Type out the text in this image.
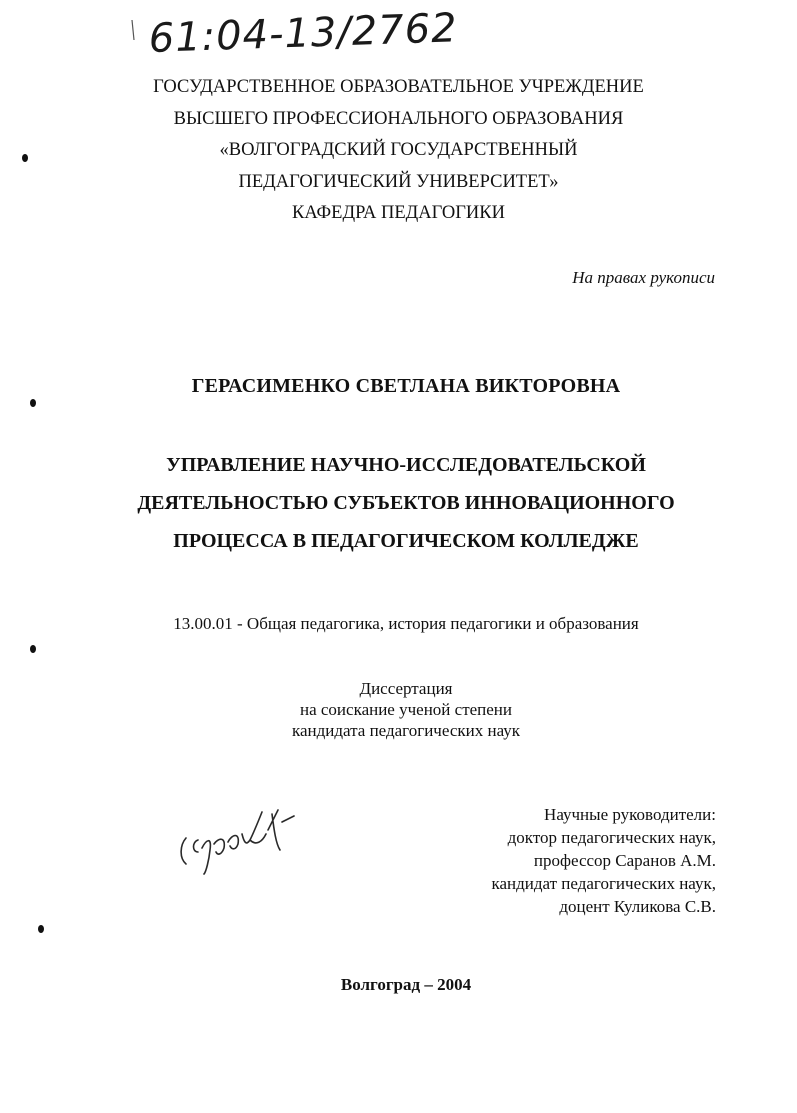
61:04-13/2762
ГОСУДАРСТВЕННОЕ ОБРАЗОВАТЕЛЬНОЕ УЧРЕЖДЕНИЕ
ВЫСШЕГО ПРОФЕССИОНАЛЬНОГО ОБРАЗОВАНИЯ
«ВОЛГОГРАДСКИЙ ГОСУДАРСТВЕННЫЙ
ПЕДАГОГИЧЕСКИЙ УНИВЕРСИТЕТ»
КАФЕДРА ПЕДАГОГИКИ
На правах рукописи
ГЕРАСИМЕНКО СВЕТЛАНА ВИКТОРОВНА
УПРАВЛЕНИЕ НАУЧНО-ИССЛЕДОВАТЕЛЬСКОЙ
ДЕЯТЕЛЬНОСТЬЮ СУБЪЕКТОВ ИННОВАЦИОННОГО
ПРОЦЕССА В ПЕДАГОГИЧЕСКОМ КОЛЛЕДЖЕ
13.00.01 - Общая педагогика, история педагогики и образования
Диссертация
на соискание ученой степени
кандидата педагогических наук
Научные руководители:
доктор педагогических наук,
профессор Саранов А.М.
кандидат педагогических наук,
доцент Куликова С.В.
Волгоград – 2004
